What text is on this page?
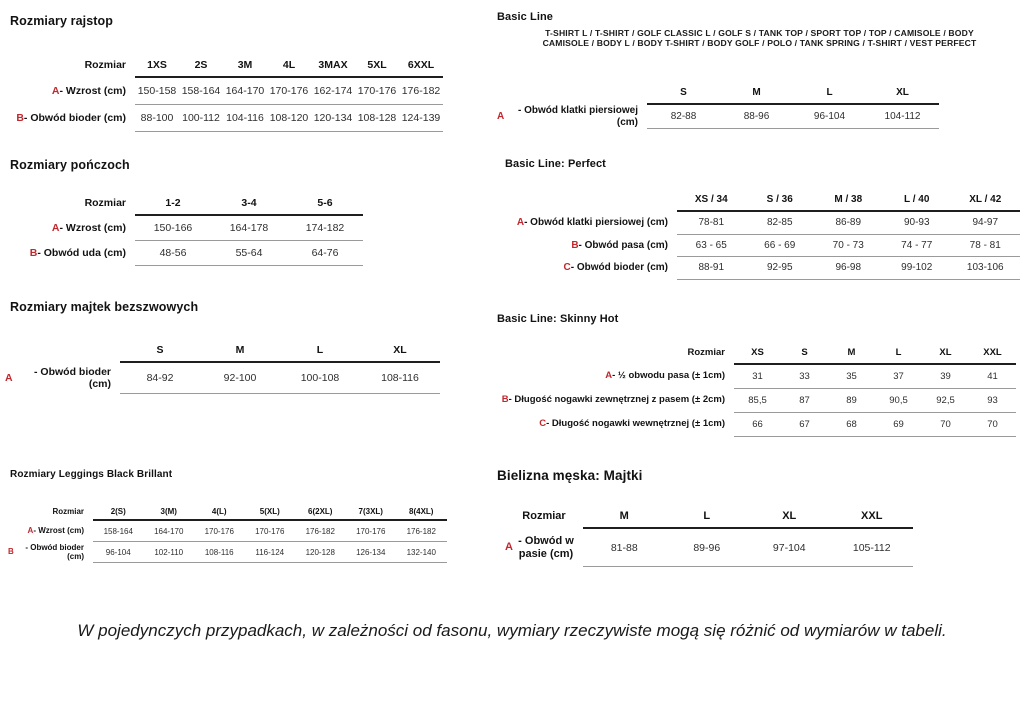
Rozmiary rajstop
Rozmiar	1XS	2S	3M	4L	3MAX	5XL	6XXL
A - Wzrost (cm)	150-158 158-164 164-170 170-176 162-174 170-176 176-182
B - Obwód bioder (cm)	88-100 100-112 104-116 108-120 120-134 108-128 124-139
Rozmiary pończoch
Rozmiar	1-2	3-4	5-6
A - Wzrost (cm)	150-166	164-178	174-182
B - Obwód uda (cm)	48-56	55-64	64-76
Rozmiary majtek bezszwowych
S	M	L	XL
A
- Obwód bioder (cm)	84-92	92-100	100-108	108-116
Rozmiary Leggings Black Brillant
Rozmiar	2(S)	3(M)	4(L)	5(XL)	6(2XL)	7(3XL)	8(4XL)
A - Wzrost (cm)	158-164	164-170	170-176	170-176	176-182	170-176	176-182
B
- Obwód bioder (cm)	96-104	102-110	108-116	116-124	120-128	126-134	132-140
Basic Line
T-SHIRT L / T-SHIRT / GOLF CLASSIC L / GOLF S / TANK TOP / SPORT TOP / TOP / CAMISOLE / BODY
CAMISOLE / BODY L / BODY T-SHIRT / BODY GOLF / POLO / TANK SPRING / T-SHIRT / VEST PERFECT
S	M	L	XL
A
- Obwód klatki piersiowej (cm)	82-88	88-96	96-104	104-112
Basic Line: Perfect
XS / 34	S / 36	M / 38	L / 40	XL / 42
A - Obwód klatki piersiowej (cm)	78-81	82-85	86-89	90-93	94-97
B - Obwód pasa (cm)	63 - 65	66 - 69	70 - 73	74 - 77	78 - 81
C - Obwód bioder (cm)	88-91	92-95	96-98	99-102	103-106
Basic Line: Skinny Hot
Rozmiar	XS	S	M	L	XL	XXL
A - ½ obwodu pasa (± 1cm)	31	33	35	37	39	41
B - Długość nogawki zewnętrznej z pasem (± 2cm)	85,5	87	89	90,5	92,5	93
C - Długość nogawki wewnętrznej (± 1cm)	66	67	68	69	70	70
Bielizna męska: Majtki
Rozmiar	M	L	XL	XXL
A
- Obwód w pasie (cm)	81-88	89-96	97-104	105-112
W pojedynczych przypadkach, w zależności od fasonu, wymiary rzeczywiste mogą się różnić od wymiarów w tabeli.
